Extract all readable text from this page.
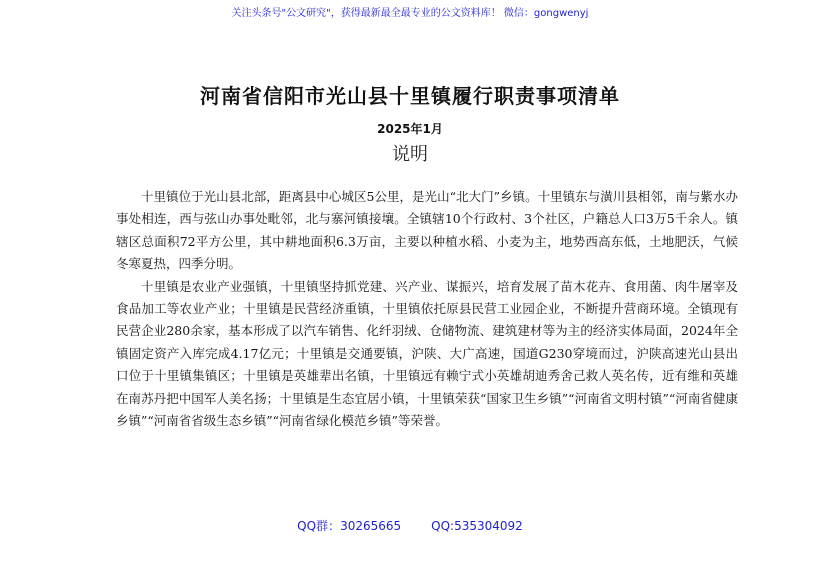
关注头条号"公文研究"，获得最新最全最专业的公文资料库！ 微信：gongwenyj
河南省信阳市光山县十里镇履行职责事项清单
2025年1月
说明

十里镇位于光山县北部，距离县中心城区5公里，是光山“北大门”乡镇。十里镇东与潢川县相邻，南与紫水办事处相连，西与弦山办事处毗邻，北与寨河镇接壤。全镇辖10个行政村、3个社区，户籍总人口3万5千余人。镇辖区总面积72平方公里，其中耕地面积6.3万亩，主要以种植水稻、小麦为主，地势西高东低，土地肥沃，气候冬寒夏热，四季分明。

十里镇是农业产业强镇，十里镇坚持抓党建、兴产业、谋振兴，培育发展了苗木花卉、食用菌、肉牛屠宰及食品加工等农业产业；十里镇是民营经济重镇，十里镇依托原县民营工业园企业，不断提升营商环境。全镇现有民营企业280余家，基本形成了以汽车销售、化纤羽绒、仓储物流、建筑建材等为主的经济实体局面，2024年全镇固定资产入库完成4.17亿元；十里镇是交通要镇，沪陕、大广高速，国道G230穿境而过，沪陕高速光山县出口位于十里镇集镇区；十里镇是英雄辈出名镇，十里镇远有赖宁式小英雄胡迪秀舍己救人英名传，近有维和英雄在南苏丹把中国军人美名扬；十里镇是生态宜居小镇，十里镇荣获“国家卫生乡镇”“河南省文明村镇”“河南省健康乡镇”“河南省省级生态乡镇”“河南省绿化模范乡镇”等荣誉。

QQ群：30265665	QQ:535304092
